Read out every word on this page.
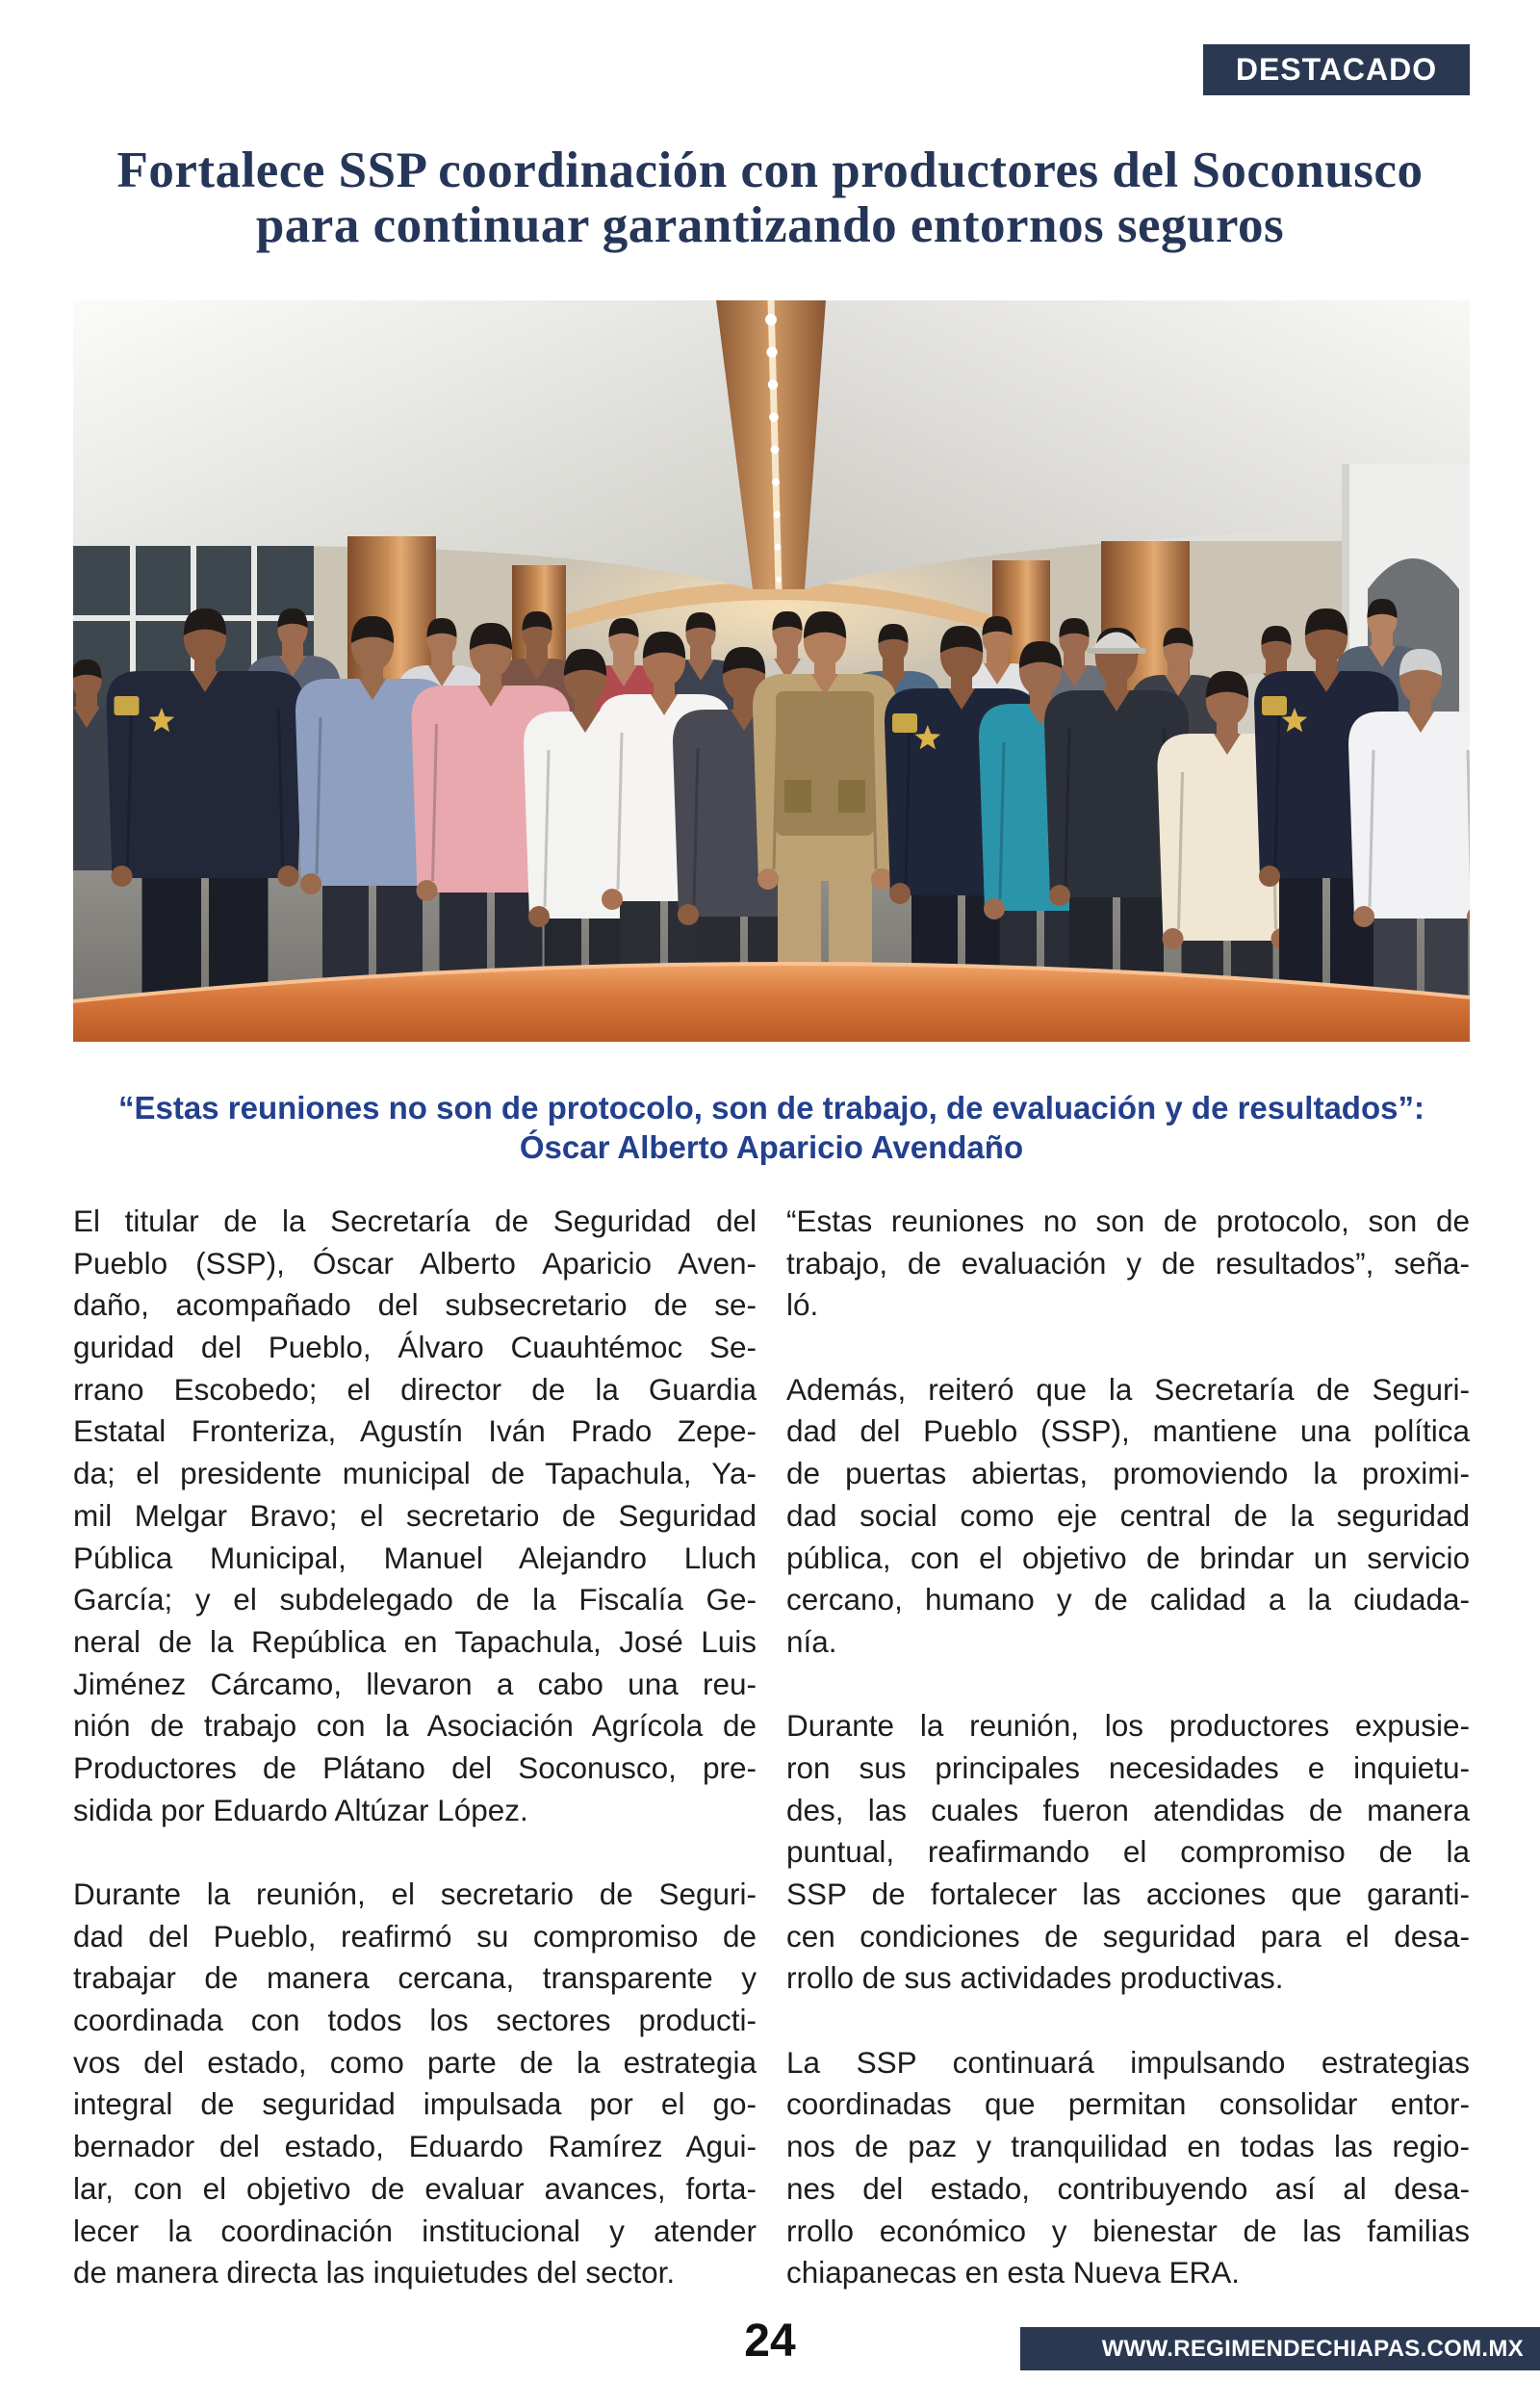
DESTACADO
Fortalece SSP coordinación con productores del Soconusco
para continuar garantizando entornos seguros
“Estas reuniones no son de protocolo, son de trabajo, de evaluación y de resultados”:
Óscar Alberto Aparicio Avendaño
El titular de la Secretaría de Seguridad del
Pueblo (SSP), Óscar Alberto Aparicio Aven-
daño, acompañado del subsecretario de se-
guridad del Pueblo, Álvaro Cuauhtémoc Se-
rrano Escobedo; el director de la Guardia
Estatal Fronteriza, Agustín Iván Prado Zepe-
da; el presidente municipal de Tapachula, Ya-
mil Melgar Bravo; el secretario de Seguridad
Pública Municipal, Manuel Alejandro Lluch
García; y el subdelegado de la Fiscalía Ge-
neral de la República en Tapachula, José Luis
Jiménez Cárcamo, llevaron a cabo una reu-
nión de trabajo con la Asociación Agrícola de
Productores de Plátano del Soconusco, pre-
sidida por Eduardo Altúzar López.
Durante la reunión, el secretario de Seguri-
dad del Pueblo, reafirmó su compromiso de
trabajar de manera cercana, transparente y
coordinada con todos los sectores producti-
vos del estado, como parte de la estrategia
integral de seguridad impulsada por el go-
bernador del estado, Eduardo Ramírez Agui-
lar, con el objetivo de evaluar avances, forta-
lecer la coordinación institucional y atender
de manera directa las inquietudes del sector.
“Estas reuniones no son de protocolo, son de
trabajo, de evaluación y de resultados”, seña-
ló.
Además, reiteró que la Secretaría de Seguri-
dad del Pueblo (SSP), mantiene una política
de puertas abiertas, promoviendo la proximi-
dad social como eje central de la seguridad
pública, con el objetivo de brindar un servicio
cercano, humano y de calidad a la ciudada-
nía.
Durante la reunión, los productores expusie-
ron sus principales necesidades e inquietu-
des, las cuales fueron atendidas de manera
puntual, reafirmando el compromiso de la
SSP de fortalecer las acciones que garanti-
cen condiciones de seguridad para el desa-
rrollo de sus actividades productivas.
La SSP continuará impulsando estrategias
coordinadas que permitan consolidar entor-
nos de paz y tranquilidad en todas las regio-
nes del estado, contribuyendo así al desa-
rrollo económico y bienestar de las familias
chiapanecas en esta Nueva ERA.
24	WWW.REGIMENDECHIAPAS.COM.MX
